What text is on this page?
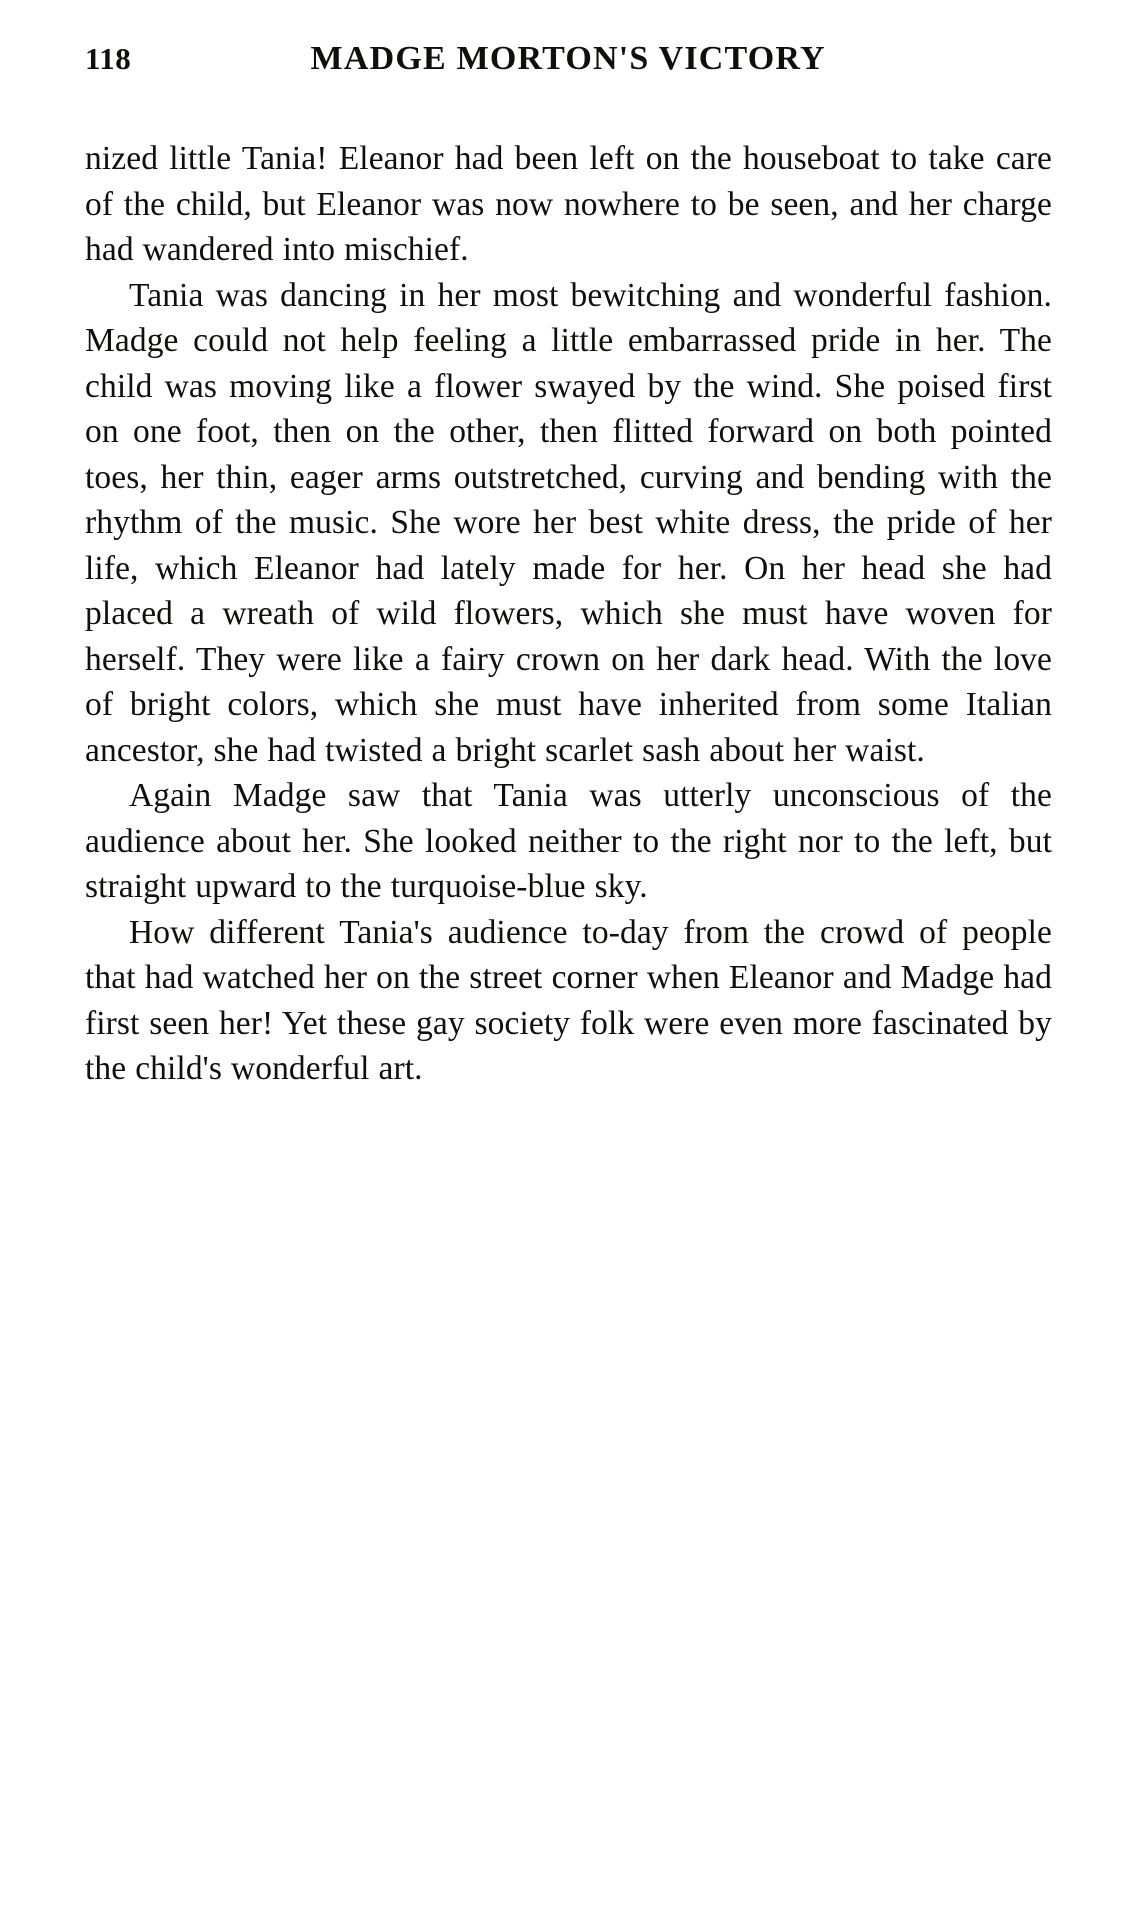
118	MADGE MORTON'S VICTORY

nized little Tania! Eleanor had been left on the houseboat to take care of the child, but Eleanor was now nowhere to be seen, and her charge had wandered into mischief.

Tania was dancing in her most bewitching and wonderful fashion. Madge could not help feeling a little embarrassed pride in her. The child was moving like a flower swayed by the wind. She poised first on one foot, then on the other, then flitted forward on both pointed toes, her thin, eager arms outstretched, curving and bending with the rhythm of the music. She wore her best white dress, the pride of her life, which Eleanor had lately made for her. On her head she had placed a wreath of wild flowers, which she must have woven for herself. They were like a fairy crown on her dark head. With the love of bright colors, which she must have inherited from some Italian ancestor, she had twisted a bright scarlet sash about her waist.

Again Madge saw that Tania was utterly unconscious of the audience about her. She looked neither to the right nor to the left, but straight upward to the turquoise-blue sky.

How different Tania's audience to-day from the crowd of people that had watched her on the street corner when Eleanor and Madge had first seen her! Yet these gay society folk were even more fascinated by the child's wonderful art.
